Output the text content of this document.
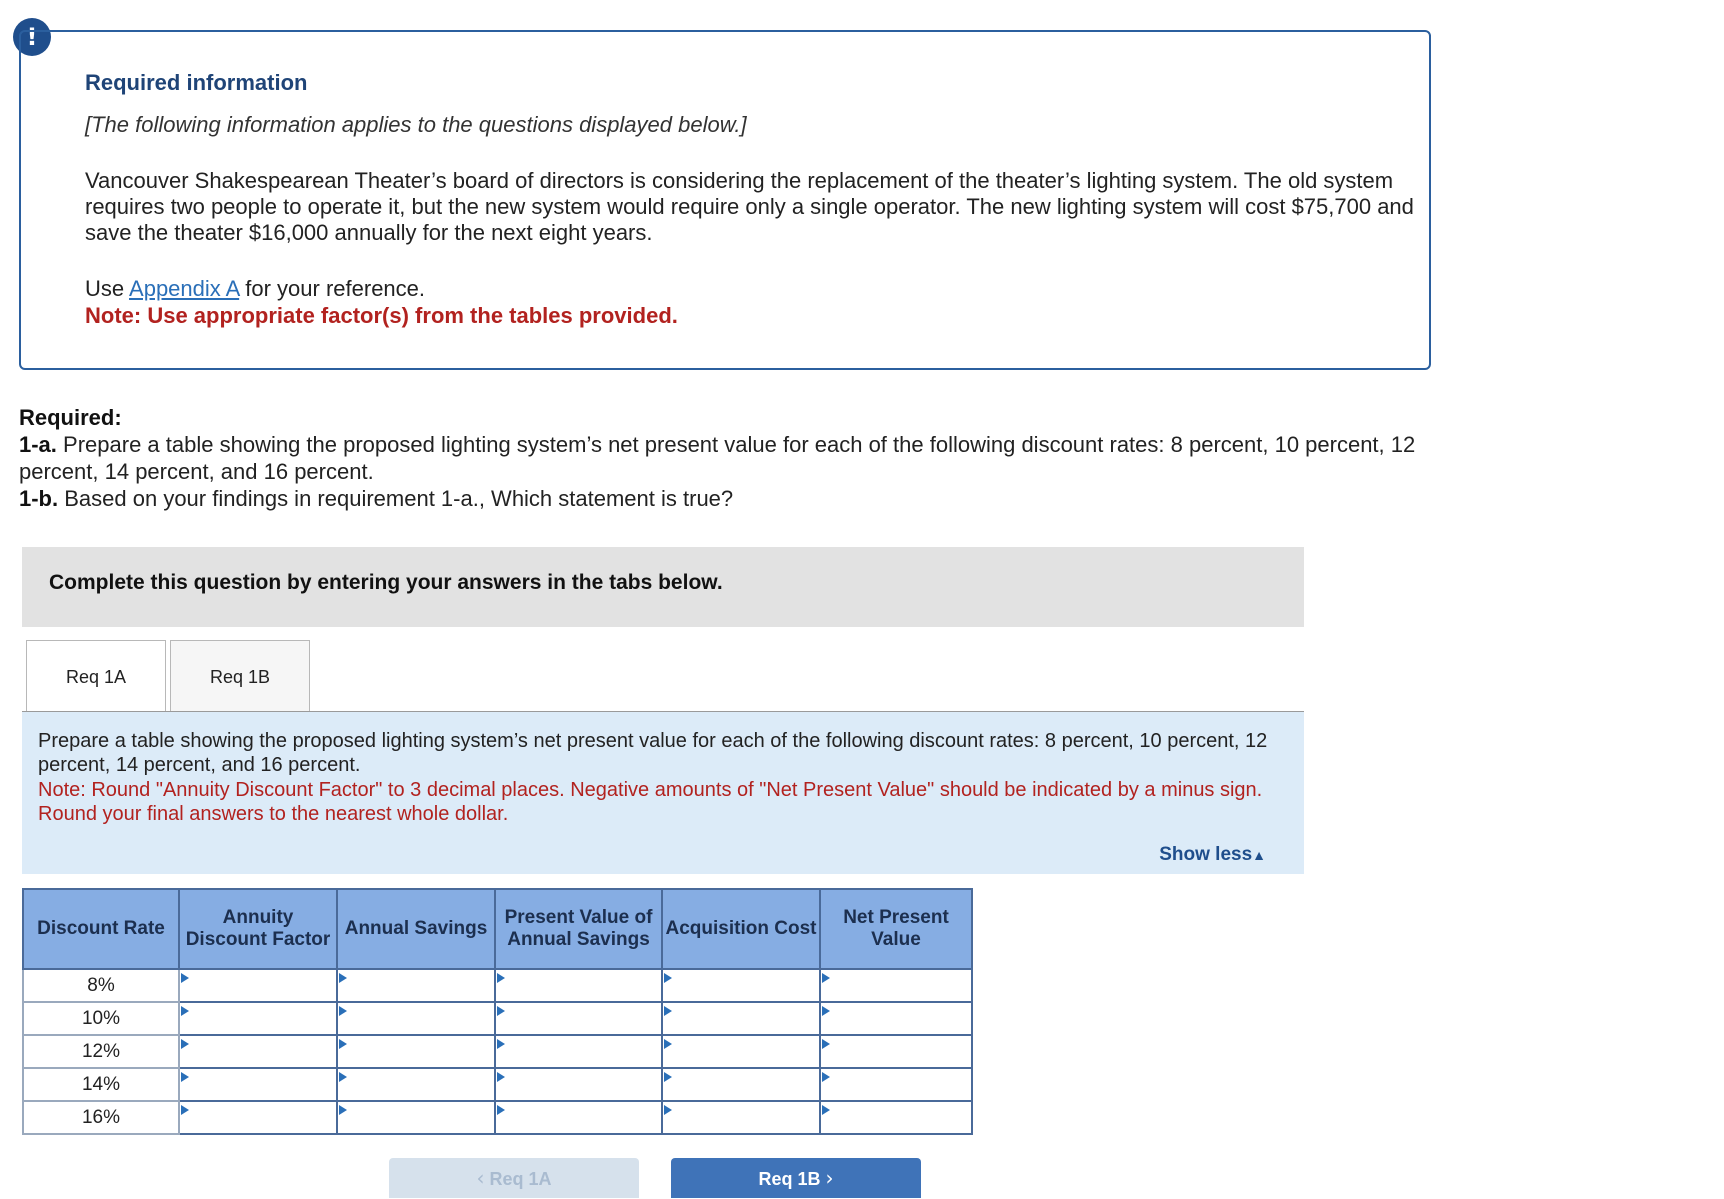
!
Required information
[The following information applies to the questions displayed below.]
Vancouver Shakespearean Theater’s board of directors is considering the replacement of the theater’s lighting system. The old system requires two people to operate it, but the new system would require only a single operator. The new lighting system will cost $75,700 and save the theater $16,000 annually for the next eight years.
Use Appendix A for your reference.
Note: Use appropriate factor(s) from the tables provided.
Required:
1-a. Prepare a table showing the proposed lighting system’s net present value for each of the following discount rates: 8 percent, 10 percent, 12 percent, 14 percent, and 16 percent.
1-b. Based on your findings in requirement 1-a., Which statement is true?
Complete this question by entering your answers in the tabs below.
Req 1A	Req 1B
Prepare a table showing the proposed lighting system’s net present value for each of the following discount rates: 8 percent, 10 percent, 12 percent, 14 percent, and 16 percent.
Note: Round "Annuity Discount Factor" to 3 decimal places. Negative amounts of "Net Present Value" should be indicated by a minus sign. Round your final answers to the nearest whole dollar.
Show less▲
Discount Rate	Annuity Discount Factor	Annual Savings	Present Value of Annual Savings	Acquisition Cost	Net Present Value
8%	

10%	

12%	

14%	

16%	

‹ Req 1A	Req 1B ›
